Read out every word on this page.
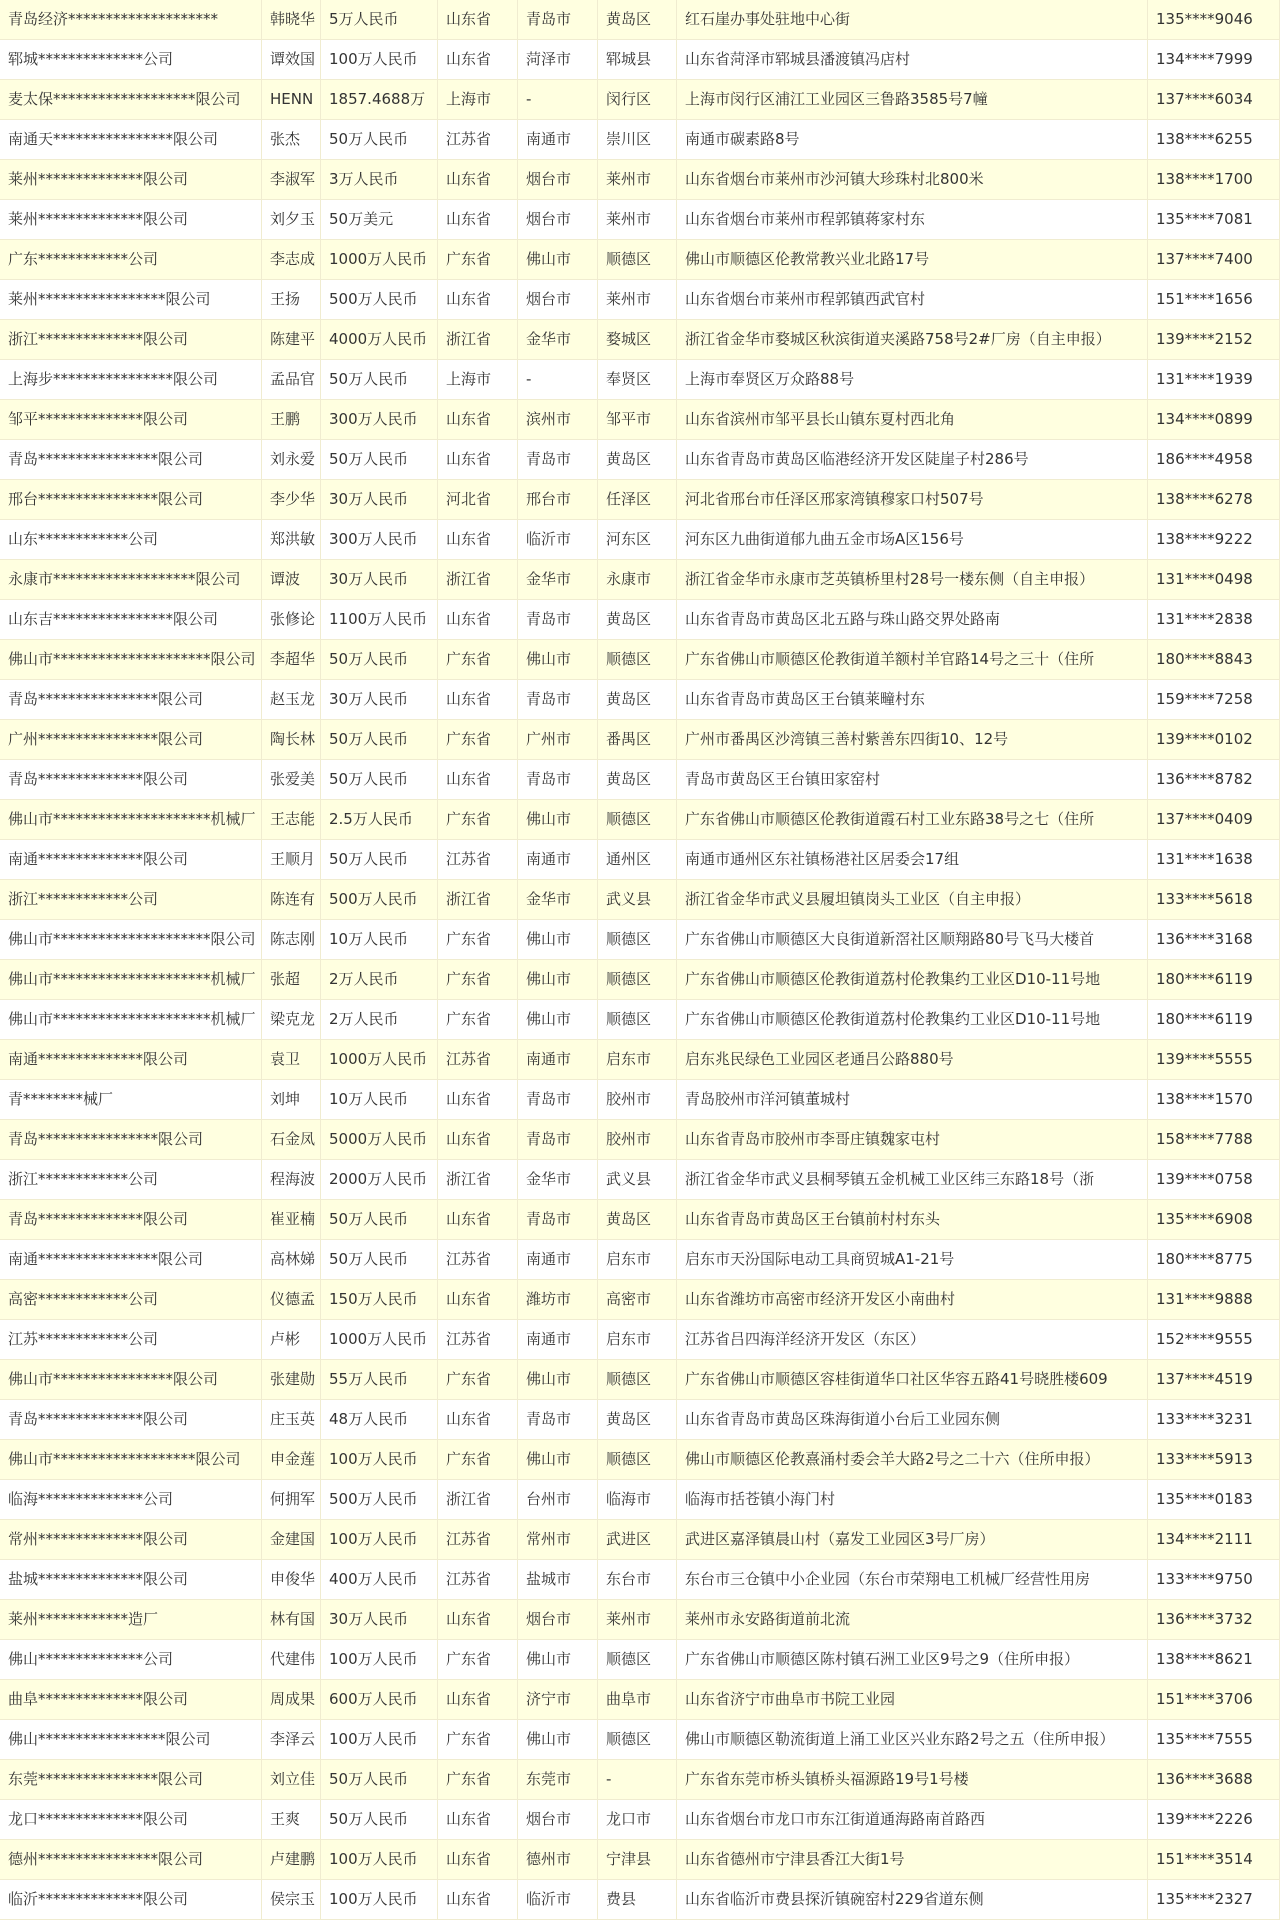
青岛经济********************	韩晓华	5万人民币	山东省	青岛市	黄岛区	红石崖办事处驻地中心街	135****9046
郓城**************公司	谭效国	100万人民币	山东省	菏泽市	郓城县	山东省菏泽市郓城县潘渡镇冯店村	134****7999
麦太保*******************限公司	HENN	1857.4688万	上海市	-	闵行区	上海市闵行区浦江工业园区三鲁路3585号7幢	137****6034
南通天****************限公司	张杰	50万人民币	江苏省	南通市	崇川区	南通市碳素路8号	138****6255
莱州**************限公司	李淑军	3万人民币	山东省	烟台市	莱州市	山东省烟台市莱州市沙河镇大珍珠村北800米	138****1700
莱州**************限公司	刘夕玉	50万美元	山东省	烟台市	莱州市	山东省烟台市莱州市程郭镇蒋家村东	135****7081
广东************公司	李志成	1000万人民币	广东省	佛山市	顺德区	佛山市顺德区伦教常教兴业北路17号	137****7400
莱州*****************限公司	王扬	500万人民币	山东省	烟台市	莱州市	山东省烟台市莱州市程郭镇西武官村	151****1656
浙江**************限公司	陈建平	4000万人民币	浙江省	金华市	婺城区	浙江省金华市婺城区秋滨街道夹溪路758号2#厂房（自主申报）	139****2152
上海步****************限公司	孟品官	50万人民币	上海市	-	奉贤区	上海市奉贤区万众路88号	131****1939
邹平**************限公司	王鹏	300万人民币	山东省	滨州市	邹平市	山东省滨州市邹平县长山镇东夏村西北角	134****0899
青岛****************限公司	刘永爱	50万人民币	山东省	青岛市	黄岛区	山东省青岛市黄岛区临港经济开发区陡崖子村286号	186****4958
邢台****************限公司	李少华	30万人民币	河北省	邢台市	任泽区	河北省邢台市任泽区邢家湾镇穆家口村507号	138****6278
山东************公司	郑洪敏	300万人民币	山东省	临沂市	河东区	河东区九曲街道郁九曲五金市场A区156号	138****9222
永康市*******************限公司	谭波	30万人民币	浙江省	金华市	永康市	浙江省金华市永康市芝英镇桥里村28号一楼东侧（自主申报）	131****0498
山东吉****************限公司	张修论	1100万人民币	山东省	青岛市	黄岛区	山东省青岛市黄岛区北五路与珠山路交界处路南	131****2838
佛山市*********************限公司	李超华	50万人民币	广东省	佛山市	顺德区	广东省佛山市顺德区伦教街道羊额村羊官路14号之三十（住所	180****8843
青岛****************限公司	赵玉龙	30万人民币	山东省	青岛市	黄岛区	山东省青岛市黄岛区王台镇莱疃村东	159****7258
广州****************限公司	陶长林	50万人民币	广东省	广州市	番禺区	广州市番禺区沙湾镇三善村紫善东四街10、12号	139****0102
青岛**************限公司	张爱美	50万人民币	山东省	青岛市	黄岛区	青岛市黄岛区王台镇田家窑村	136****8782
佛山市*********************机械厂	王志能	2.5万人民币	广东省	佛山市	顺德区	广东省佛山市顺德区伦教街道霞石村工业东路38号之七（住所	137****0409
南通**************限公司	王顺月	50万人民币	江苏省	南通市	通州区	南通市通州区东社镇杨港社区居委会17组	131****1638
浙江************公司	陈连有	500万人民币	浙江省	金华市	武义县	浙江省金华市武义县履坦镇岗头工业区（自主申报）	133****5618
佛山市*********************限公司	陈志刚	10万人民币	广东省	佛山市	顺德区	广东省佛山市顺德区大良街道新滘社区顺翔路80号飞马大楼首	136****3168
佛山市*********************机械厂	张超	2万人民币	广东省	佛山市	顺德区	广东省佛山市顺德区伦教街道荔村伦教集约工业区D10-11号地	180****6119
佛山市*********************机械厂	梁克龙	2万人民币	广东省	佛山市	顺德区	广东省佛山市顺德区伦教街道荔村伦教集约工业区D10-11号地	180****6119
南通**************限公司	袁卫	1000万人民币	江苏省	南通市	启东市	启东兆民绿色工业园区老通吕公路880号	139****5555
青********械厂	刘坤	10万人民币	山东省	青岛市	胶州市	青岛胶州市洋河镇董城村	138****1570
青岛****************限公司	石金凤	5000万人民币	山东省	青岛市	胶州市	山东省青岛市胶州市李哥庄镇魏家屯村	158****7788
浙江************公司	程海波	2000万人民币	浙江省	金华市	武义县	浙江省金华市武义县桐琴镇五金机械工业区纬三东路18号（浙	139****0758
青岛**************限公司	崔亚楠	50万人民币	山东省	青岛市	黄岛区	山东省青岛市黄岛区王台镇前村村东头	135****6908
南通****************限公司	高林娣	50万人民币	江苏省	南通市	启东市	启东市天汾国际电动工具商贸城A1-21号	180****8775
高密************公司	仪德孟	150万人民币	山东省	潍坊市	高密市	山东省潍坊市高密市经济开发区小南曲村	131****9888
江苏************公司	卢彬	1000万人民币	江苏省	南通市	启东市	江苏省吕四海洋经济开发区（东区）	152****9555
佛山市****************限公司	张建勋	55万人民币	广东省	佛山市	顺德区	广东省佛山市顺德区容桂街道华口社区华容五路41号晓胜楼609	137****4519
青岛**************限公司	庄玉英	48万人民币	山东省	青岛市	黄岛区	山东省青岛市黄岛区珠海街道小台后工业园东侧	133****3231
佛山市*******************限公司	申金莲	100万人民币	广东省	佛山市	顺德区	佛山市顺德区伦教熹涌村委会羊大路2号之二十六（住所申报）	133****5913
临海**************公司	何拥军	500万人民币	浙江省	台州市	临海市	临海市括苍镇小海门村	135****0183
常州**************限公司	金建国	100万人民币	江苏省	常州市	武进区	武进区嘉泽镇晨山村（嘉发工业园区3号厂房）	134****2111
盐城**************限公司	申俊华	400万人民币	江苏省	盐城市	东台市	东台市三仓镇中小企业园（东台市荣翔电工机械厂经营性用房	133****9750
莱州************造厂	林有国	30万人民币	山东省	烟台市	莱州市	莱州市永安路街道前北流	136****3732
佛山**************公司	代建伟	100万人民币	广东省	佛山市	顺德区	广东省佛山市顺德区陈村镇石洲工业区9号之9（住所申报）	138****8621
曲阜**************限公司	周成果	600万人民币	山东省	济宁市	曲阜市	山东省济宁市曲阜市书院工业园	151****3706
佛山*****************限公司	李泽云	100万人民币	广东省	佛山市	顺德区	佛山市顺德区勒流街道上涌工业区兴业东路2号之五（住所申报）	135****7555
东莞****************限公司	刘立佳	50万人民币	广东省	东莞市	-	广东省东莞市桥头镇桥头福源路19号1号楼	136****3688
龙口**************限公司	王爽	50万人民币	山东省	烟台市	龙口市	山东省烟台市龙口市东江街道通海路南首路西	139****2226
德州****************限公司	卢建鹏	100万人民币	山东省	德州市	宁津县	山东省德州市宁津县香江大街1号	151****3514
临沂**************限公司	侯宗玉	100万人民币	山东省	临沂市	费县	山东省临沂市费县探沂镇碗窑村229省道东侧	135****2327
